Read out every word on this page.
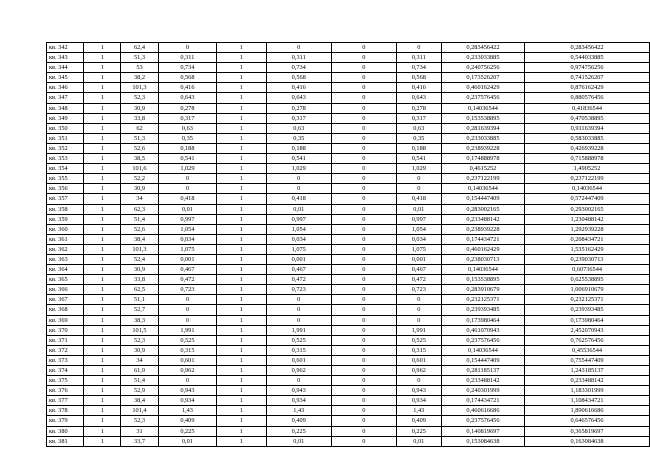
кв. 342	1	62,4	0	1	0	0	0	0,283456422	0,283456422
кв. 343	1	51,3	0,311	1	0,311	0	0,311	0,233033885	0,544033885
кв. 344	1	53	0,734	1	0,734	0	0,734	0,240756256	0,974756256
кв. 345	1	38,2	0,568	1	0,568	0	0,568	0,173526207	0,741526207
кв. 346	1	101,3	0,416	1	0,416	0	0,416	0,460162429	0,876162429
кв. 347	1	52,3	0,643	1	0,643	0	0,643	0,237576456	0,880576456
кв. 348	1	30,9	0,278	1	0,278	0	0,278	0,14036544	0,41836544
кв. 349	1	33,8	0,317	1	0,317	0	0,317	0,153538895	0,470538895
кв. 350	1	62	0,63	1	0,63	0	0,63	0,281639394	0,911639394
кв. 351	1	51,3	0,35	1	0,35	0	0,35	0,233033885	0,583033885
кв. 352	1	52,6	0,188	1	0,188	0	0,188	0,238939228	0,426939228
кв. 353	1	38,5	0,541	1	0,541	0	0,541	0,174888978	0,715888978
кв. 354	1	101,6	1,029	1	1,029	0	1,029	0,4615252	1,4905252
кв. 355	1	52,2	0	1	0	0	0	0,237122199	0,237122199
кв. 356	1	30,9	0	1	0	0	0	0,14036544	0,14036544
кв. 357	1	34	0,418	1	0,418	0	0,418	0,154447409	0,572447409
кв. 358	1	62,3	0,01	1	0,01	0	0,01	0,283002165	0,293002165
кв. 359	1	51,4	0,997	1	0,997	0	0,997	0,233488142	1,230488142
кв. 360	1	52,6	1,054	1	1,054	0	1,054	0,238939228	1,292939228
кв. 361	1	38,4	0,034	1	0,034	0	0,034	0,174434721	0,208434721
кв. 362	1	101,3	1,075	1	1,075	0	1,075	0,460162429	1,535162429
кв. 363	1	52,4	0,001	1	0,001	0	0,001	0,238030713	0,239030713
кв. 364	1	30,9	0,467	1	0,467	0	0,467	0,14036544	0,60736544
кв. 365	1	33,8	0,472	1	0,472	0	0,472	0,153538895	0,625538895
кв. 366	1	62,5	0,723	1	0,723	0	0,723	0,283910679	1,006910679
кв. 367	1	51,1	0	1	0	0	0	0,232125371	0,232125371
кв. 368	1	52,7	0	1	0	0	0	0,239393485	0,239393485
кв. 369	1	38,3	0	1	0	0	0	0,173980464	0,173980464
кв. 370	1	101,5	1,991	1	1,991	0	1,991	0,461070943	2,452070943
кв. 371	1	52,3	0,525	1	0,525	0	0,525	0,237576456	0,762576456
кв. 372	1	30,9	0,315	1	0,315	0	0,315	0,14036544	0,45536544
кв. 373	1	34	0,601	1	0,601	0	0,601	0,154447409	0,755447409
кв. 374	1	61,9	0,962	1	0,962	0	0,962	0,281185137	1,243185137
кв. 375	1	51,4	0	1	0	0	0	0,233488142	0,233488142
кв. 376	1	52,9	0,943	1	0,943	0	0,943	0,240301999	1,183301999
кв. 377	1	38,4	0,934	1	0,934	0	0,934	0,174434721	1,108434721
кв. 378	1	101,4	1,43	1	1,43	0	1,43	0,460616686	1,890616686
кв. 379	1	52,3	0,409	1	0,409	0	0,409	0,237576456	0,646576456
кв. 380	1	31	0,225	1	0,225	0	0,225	0,140819697	0,365819697
кв. 381	1	33,7	0,01	1	0,01	0	0,01	0,153084638	0,163084638
